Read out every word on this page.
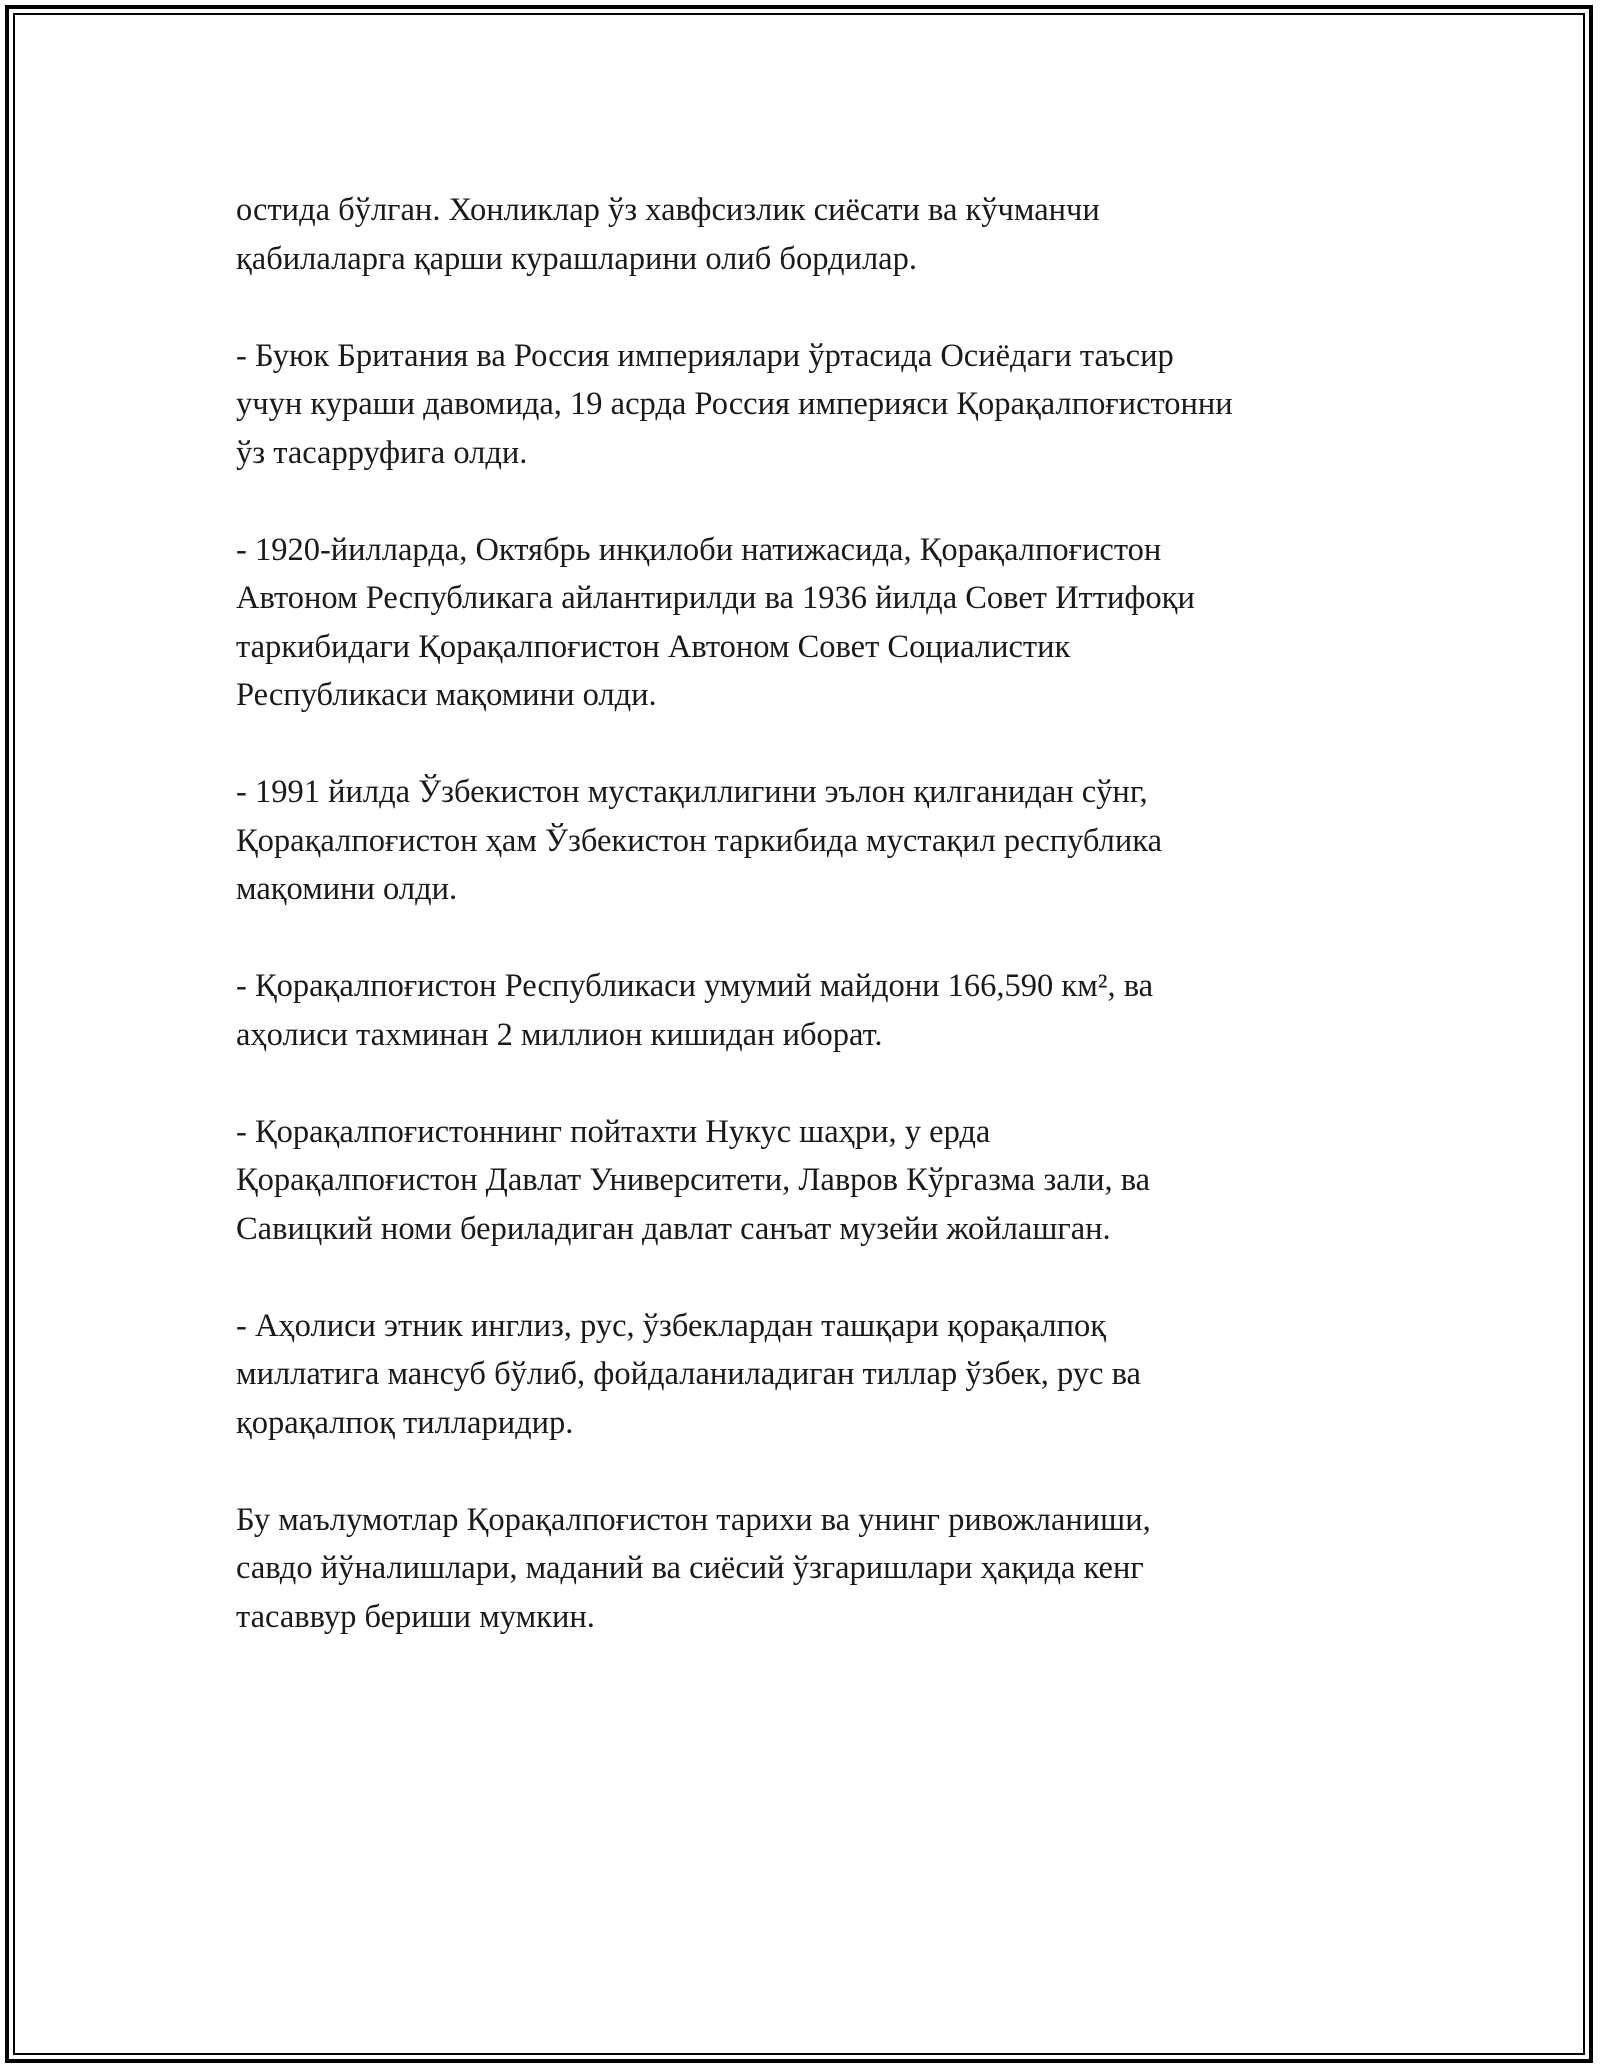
остида бўлган. Хонликлар ўз хавфсизлик сиёсати ва кўчманчи
қабилаларга қарши курашларини олиб бордилар.

- Буюк Британия ва Россия империялари ўртасида Осиёдаги таъсир
учун кураши давомида, 19 асрда Россия империяси Қорақалпоғистонни
ўз тасарруфига олди.

- 1920-йилларда, Октябрь инқилоби натижасида, Қорақалпоғистон
Автоном Республикага айлантирилди ва 1936 йилда Совет Иттифоқи
таркибидаги Қорақалпоғистон Автоном Совет Социалистик
Республикаси мақомини олди.

- 1991 йилда Ўзбекистон мустақиллигини эълон қилганидан сўнг,
Қорақалпоғистон ҳам Ўзбекистон таркибида мустақил республика
мақомини олди.

- Қорақалпоғистон Республикаси умумий майдони 166,590 км², ва
аҳолиси тахминан 2 миллион кишидан иборат.

- Қорақалпоғистоннинг пойтахти Нукус шаҳри, у ерда
Қорақалпоғистон Давлат Университети, Лавров Кўргазма зали, ва
Савицкий номи бериладиган давлат санъат музейи жойлашган.

- Аҳолиси этник инглиз, рус, ўзбеклардан ташқари қорақалпоқ
миллатига мансуб бўлиб, фойдаланиладиган тиллар ўзбек, рус ва
қорақалпоқ тилларидир.

Бу маълумотлар Қорақалпоғистон тарихи ва унинг ривожланиши,
савдо йўналишлари, маданий ва сиёсий ўзгаришлари ҳақида кенг
тасаввур бериши мумкин.
